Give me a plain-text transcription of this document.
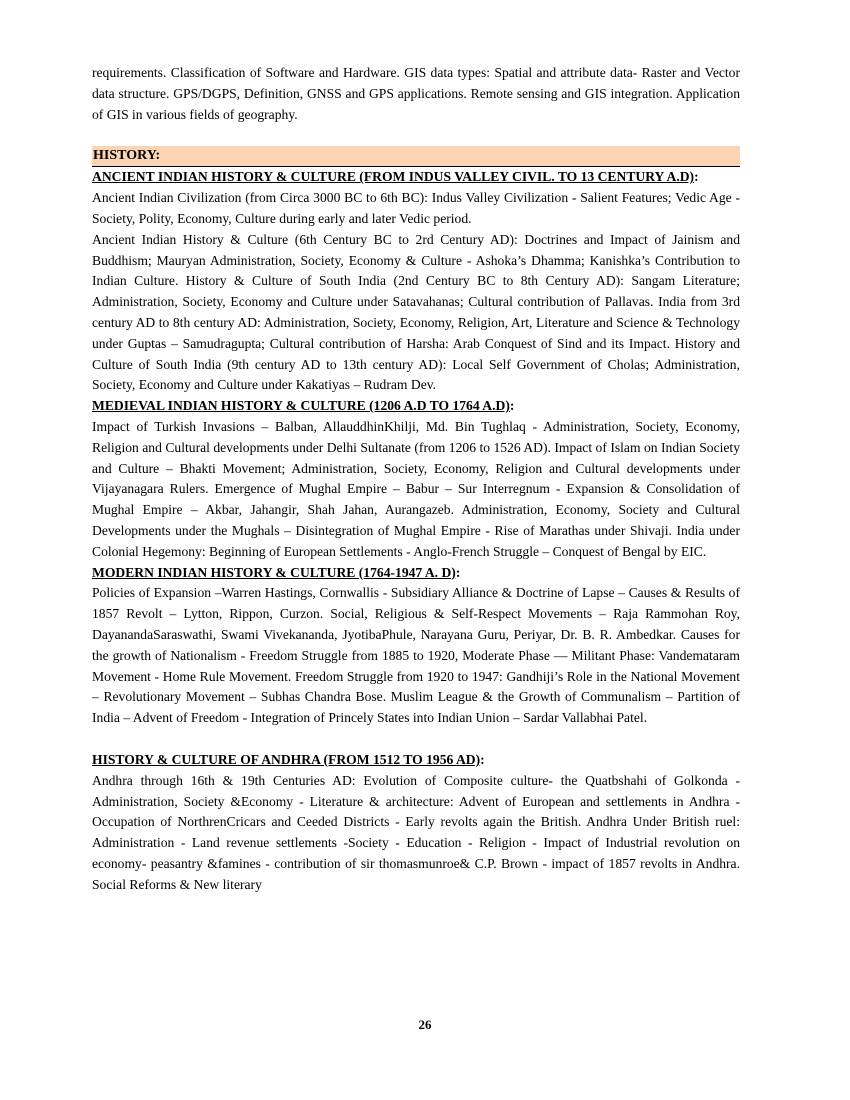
requirements. Classification of Software and Hardware. GIS data types: Spatial and attribute data- Raster and Vector data structure. GPS/DGPS, Definition, GNSS and GPS applications. Remote sensing and GIS integration. Application of GIS in various fields of geography.

HISTORY:

ANCIENT INDIAN HISTORY & CULTURE (FROM INDUS VALLEY CIVIL. TO 13 CENTURY A.D):

Ancient Indian Civilization (from Circa 3000 BC to 6th BC): Indus Valley Civilization - Salient Features; Vedic Age - Society, Polity, Economy, Culture during early and later Vedic period.

Ancient Indian History & Culture (6th Century BC to 2rd Century AD): Doctrines and Impact of Jainism and Buddhism; Mauryan Administration, Society, Economy & Culture - Ashoka’s Dhamma; Kanishka’s Contribution to Indian Culture. History & Culture of South India (2nd Century BC to 8th Century AD): Sangam Literature; Administration, Society, Economy and Culture under Satavahanas; Cultural contribution of Pallavas. India from 3rd century AD to 8th century AD: Administration, Society, Economy, Religion, Art, Literature and Science & Technology under Guptas – Samudragupta; Cultural contribution of Harsha: Arab Conquest of Sind and its Impact. History and Culture of South India (9th century AD to 13th century AD): Local Self Government of Cholas; Administration, Society, Economy and Culture under Kakatiyas – Rudram Dev.

MEDIEVAL INDIAN HISTORY & CULTURE (1206 A.D TO 1764 A.D):

Impact of Turkish Invasions – Balban, AllauddhinKhilji, Md. Bin Tughlaq - Administration, Society, Economy, Religion and Cultural developments under Delhi Sultanate (from 1206 to 1526 AD). Impact of Islam on Indian Society and Culture – Bhakti Movement; Administration, Society, Economy, Religion and Cultural developments under Vijayanagara Rulers. Emergence of Mughal Empire – Babur – Sur Interregnum - Expansion & Consolidation of Mughal Empire – Akbar, Jahangir, Shah Jahan, Aurangazeb. Administration, Economy, Society and Cultural Developments under the Mughals – Disintegration of Mughal Empire - Rise of Marathas under Shivaji. India under Colonial Hegemony: Beginning of European Settlements - Anglo-French Struggle – Conquest of Bengal by EIC.

MODERN INDIAN HISTORY & CULTURE (1764-1947 A. D):

Policies of Expansion –Warren Hastings, Cornwallis - Subsidiary Alliance & Doctrine of Lapse – Causes & Results of 1857 Revolt – Lytton, Rippon, Curzon. Social, Religious & Self-Respect Movements – Raja Rammohan Roy, DayanandaSaraswathi, Swami Vivekananda, JyotibaPhule, Narayana Guru, Periyar, Dr. B. R. Ambedkar. Causes for the growth of Nationalism - Freedom Struggle from 1885 to 1920, Moderate Phase –– Militant Phase: Vandemataram Movement - Home Rule Movement. Freedom Struggle from 1920 to 1947: Gandhiji’s Role in the National Movement – Revolutionary Movement – Subhas Chandra Bose. Muslim League & the Growth of Communalism – Partition of India – Advent of Freedom - Integration of Princely States into Indian Union – Sardar Vallabhai Patel.

HISTORY & CULTURE OF ANDHRA (FROM 1512 TO 1956 AD):

Andhra through 16th & 19th Centuries AD: Evolution of Composite culture- the Quatbshahi of Golkonda - Administration, Society &Economy - Literature & architecture: Advent of European and settlements in Andhra - Occupation of NorthrenCricars and Ceeded Districts - Early revolts again the British. Andhra Under British ruel: Administration - Land revenue settlements -Society - Education - Religion - Impact of Industrial revolution on economy- peasantry &famines - contribution of sir thomasmunroe& C.P. Brown - impact of 1857 revolts in Andhra. Social Reforms & New literary

26
